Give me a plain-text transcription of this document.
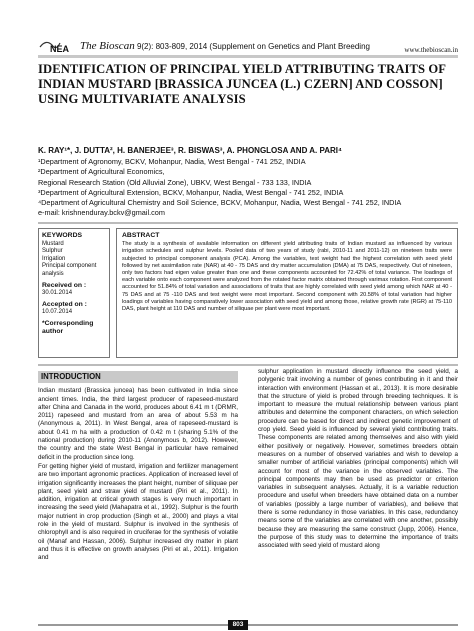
NEA The Bioscan 9(2): 803-809, 2014 (Supplement on Genetics and Plant Breeding	www.thebioscan.in
IDENTIFICATION OF PRINCIPAL YIELD ATTRIBUTING TRAITS OF INDIAN MUSTARD [BRASSICA JUNCEA (L.) CZERN] AND COSSON] USING MULTIVARIATE ANALYSIS
K. RAY¹*, J. DUTTA², H. BANERJEE³, R. BISWAS³, A. PHONGLOSA AND A. PARI⁴
¹Department of Agronomy, BCKV, Mohanpur, Nadia, West Bengal - 741 252, INDIA
²Department of Agricultural Economics,
Regional Research Station (Old Alluvial Zone), UBKV, West Bengal - 733 133, INDIA
³Department of Agricultural Extension, BCKV, Mohanpur, Nadia, West Bengal - 741 252, INDIA
⁴Department of Agricultural Chemistry and Soil Science, BCKV, Mohanpur, Nadia, West Bengal - 741 252, INDIA
e-mail: krishnenduray.bckv@gmail.com
KEYWORDS
Mustard
Sulphur
Irrigation
Principal component analysis
Received on :
30.01.2014
Accepted on :
10.07.2014
*Corresponding author
ABSTRACT
The study is a synthesis of available information on different yield attributing traits of Indian mustard as influenced by various irrigation schedules and sulphur levels. Pooled data of two years of study (rabi, 2010-11 and 2011-12) on nineteen traits were subjected to principal component analysis (PCA). Among the variables, test weight had the highest correlation with seed yield followed by net assimilation rate (NAR) at 40 - 75 DAS and dry matter accumulation (DMA) at 75 DAS, respectively. Out of nineteen, only two factors had eigen value greater than one and these components accounted for 72.42% of total variance. The loadings of each variable onto each component were analyzed from the rotated factor matrix obtained through varimax rotation. First component accounted for 51.84% of total variation and associations of traits that are highly correlated with seed yield among which NAR at 40 - 75 DAS and at 75 -110 DAS and test weight were most important. Second component with 20.58% of total variation had higher loadings of variables having comparatively lower association with seed yield and among those, relative growth rate (RGR) at 75-110 DAS, plant height at 110 DAS and number of siliquae per plant were most important.
INTRODUCTION

Indian mustard (Brassica juncea) has been cultivated in India since ancient times. India, the third largest producer of rapeseed-mustard after China and Canada in the world, produces about 6.41 m t (DRMR, 2011) rapeseed and mustard from an area of about 5.53 m ha (Anonymous a, 2011). In West Bengal, area of rapeseed-mustard is about 0.41 m ha with a production of 0.42 m t (sharing 5.1% of the national production) during 2010-11 (Anonymous b, 2012). However, the country and the state West Bengal in particular have remained deficit in the production since long.

For getting higher yield of mustard, irrigation and fertilizer management are two important agronomic practices. Application of increased level of irrigation significantly increases the plant height, number of siliquae per plant, seed yield and straw yield of mustard (Piri et al., 2011). In addition, irrigation at critical growth stages is very much important in increasing the seed yield (Mahapatra et al., 1992). Sulphur is the fourth major nutrient in crop production (Singh et al., 2000) and plays a vital role in the yield of mustard. Sulphur is involved in the synthesis of chlorophyll and is also required in cruciferae for the synthesis of volatile oil (Manaf and Hassan, 2006). Sulphur increased dry matter in plant and thus it is effective on growth analyses (Piri et al., 2011). Irrigation and

sulphur application in mustard directly influence the seed yield, a polygenic trait involving a number of genes contributing in it and their interaction with environment (Hassan et al., 2013). It is more desirable that the structure of yield is probed through breeding techniques. It is important to measure the mutual relationship between various plant attributes and determine the component characters, on which selection procedure can be based for direct and indirect genetic improvement of crop yield. Seed yield is influenced by several yield contributing traits. These components are related among themselves and also with yield either positively or negatively. However, sometimes breeders obtain measures on a number of observed variables and wish to develop a smaller number of artificial variables (principal components) which will account for most of the variance in the observed variables. The principal components may then be used as predictor or criterion variables in subsequent analyses. Actually, it is a variable reduction procedure and useful when breeders have obtained data on a number of variables (possibly a large number of variables), and believe that there is some redundancy in those variables. In this case, redundancy means some of the variables are correlated with one another, possibly because they are measuring the same construct (Jupp, 2006). Hence, the purpose of this study was to determine the importance of traits associated with seed yield of mustard along

803
